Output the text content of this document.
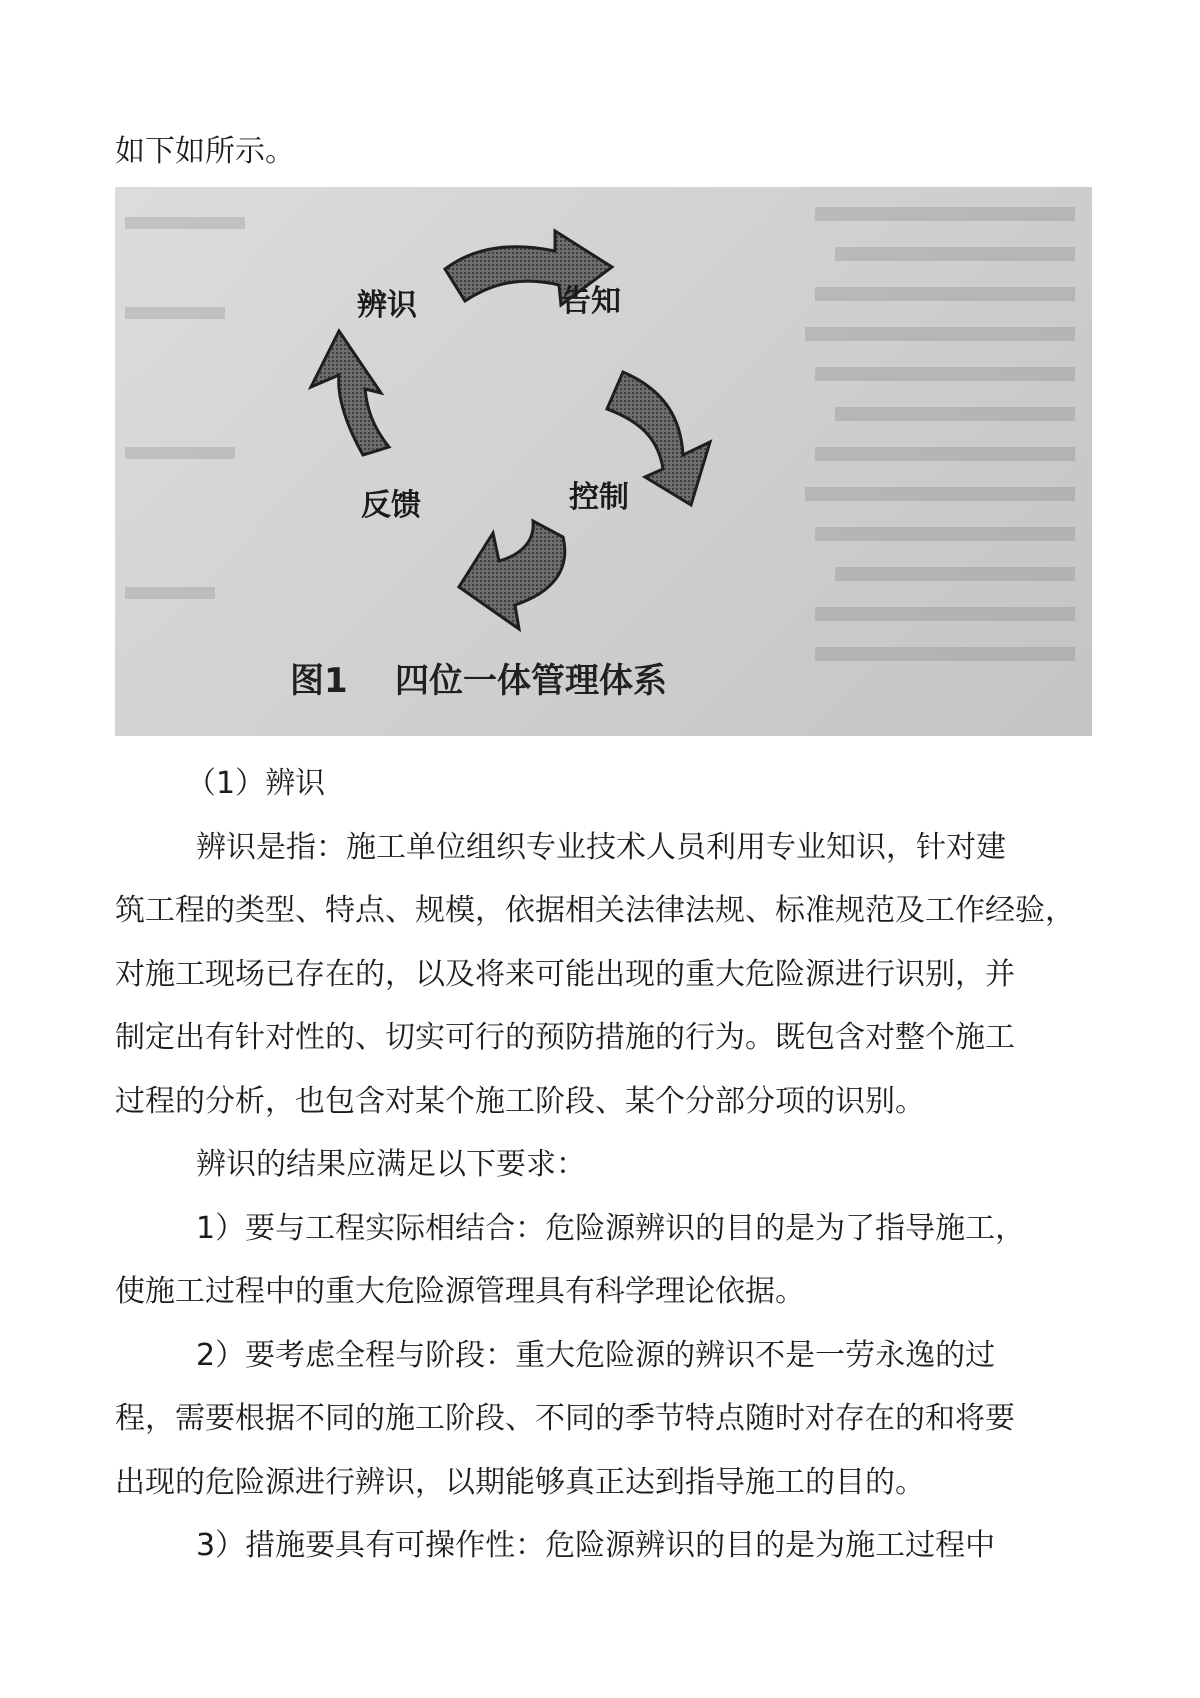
如下如所示。

辨识	告知
控制
反馈
图1    四位一体管理体系

（1）辨识

辨识是指：施工单位组织专业技术人员利用专业知识，针对建

筑工程的类型、特点、规模，依据相关法律法规、标准规范及工作经验，

对施工现场已存在的，以及将来可能出现的重大危险源进行识别，并

制定出有针对性的、切实可行的预防措施的行为。既包含对整个施工

过程的分析，也包含对某个施工阶段、某个分部分项的识别。

辨识的结果应满足以下要求：

1）要与工程实际相结合：危险源辨识的目的是为了指导施工，

使施工过程中的重大危险源管理具有科学理论依据。

2）要考虑全程与阶段：重大危险源的辨识不是一劳永逸的过

程，需要根据不同的施工阶段、不同的季节特点随时对存在的和将要

出现的危险源进行辨识，以期能够真正达到指导施工的目的。

3）措施要具有可操作性：危险源辨识的目的是为施工过程中
